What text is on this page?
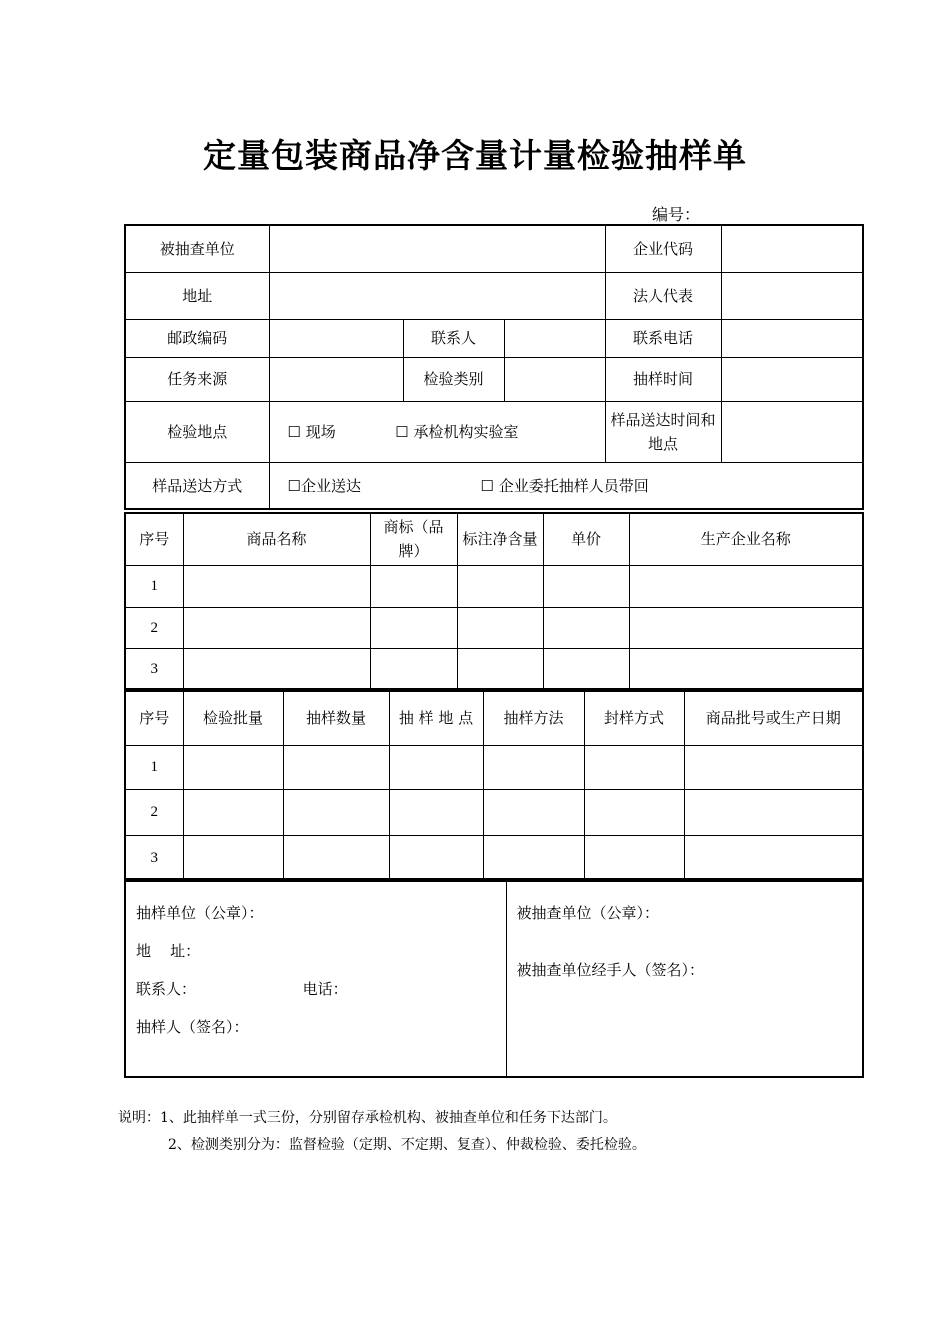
定量包装商品净含量计量检验抽样单
编号：
被抽查单位				企业代码	
地址				法人代表	
邮政编码		联系人		联系电话	
任务来源		检验类别		抽样时间	
检验地点	☐ 现场 ☐ 承检机构实验室			样品送达时间和地点	
样品送达方式	☐企业送达 ☐ 企业委托抽样人员带回				
序号	商品名称	商标（品牌）	标注净含量	单价	生产企业名称
1					
2					
3					
序号	检验批量	抽样数量	抽 样 地 点	抽样方法	封样方式	商品批号或生产日期
1						
2						
3						
抽样单位（公章）：
地    址：
联系人：	电话：
抽样人（签名）：

被抽查单位（公章）：
被抽查单位经手人（签名）：
说明：1、此抽样单一式三份，分别留存承检机构、被抽查单位和任务下达部门。
2、检测类别分为：监督检验（定期、不定期、复查）、仲裁检验、委托检验。
